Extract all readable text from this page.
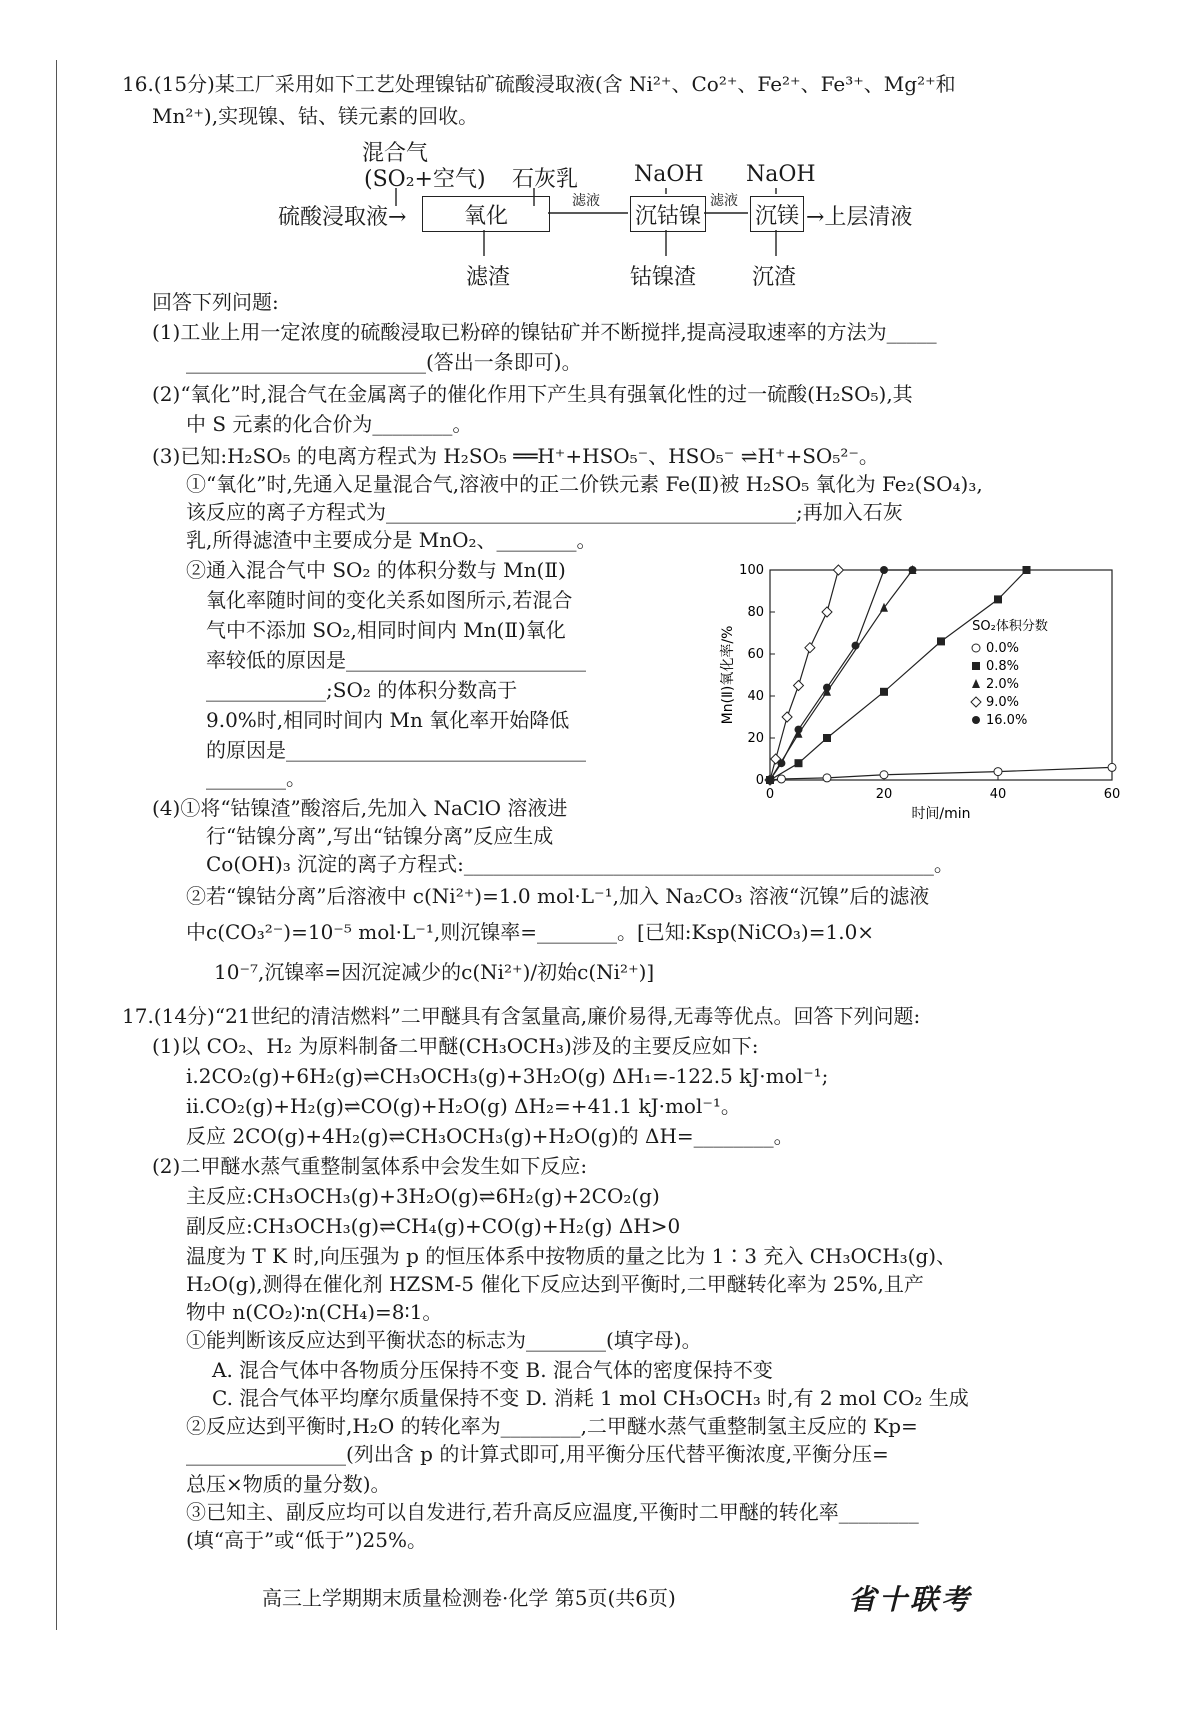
16.(15分)某工厂采用如下工艺处理镍钴矿硫酸浸取液(含 Ni²⁺、Co²⁺、Fe²⁺、Fe³⁺、Mg²⁺和
Mn²⁺),实现镍、钴、镁元素的回收。
回答下列问题:
(1)工业上用一定浓度的硫酸浸取已粉碎的镍钴矿并不断搅拌,提高浸取速率的方法为_____
________________________(答出一条即可)。
(2)“氧化”时,混合气在金属离子的催化作用下产生具有强氧化性的过一硫酸(H₂SO₅),其
中 S 元素的化合价为________。
(3)已知:H₂SO₅ 的电离方程式为 H₂SO₅ ══H⁺+HSO₅⁻、HSO₅⁻ ⇌H⁺+SO₅²⁻。
①“氧化”时,先通入足量混合气,溶液中的正二价铁元素 Fe(Ⅱ)被 H₂SO₅ 氧化为 Fe₂(SO₄)₃,
该反应的离子方程式为_________________________________________;再加入石灰
乳,所得滤渣中主要成分是 MnO₂、________。
②通入混合气中 SO₂ 的体积分数与 Mn(Ⅱ)
氧化率随时间的变化关系如图所示,若混合
气中不添加 SO₂,相同时间内 Mn(Ⅱ)氧化
率较低的原因是________________________
____________;SO₂ 的体积分数高于
9.0%时,相同时间内 Mn 氧化率开始降低
的原因是______________________________
________。
(4)①将“钴镍渣”酸溶后,先加入 NaClO 溶液进
行“钴镍分离”,写出“钴镍分离”反应生成
Co(OH)₃ 沉淀的离子方程式:_______________________________________________。
②若“镍钴分离”后溶液中 c(Ni²⁺)=1.0 mol·L⁻¹,加入 Na₂CO₃ 溶液“沉镍”后的滤液
中c(CO₃²⁻)=10⁻⁵ mol·L⁻¹,则沉镍率=________。[已知:Ksp(NiCO₃)=1.0×
10⁻⁷,沉镍率=因沉淀减少的c(Ni²⁺)/初始c(Ni²⁺)]
17.(14分)“21世纪的清洁燃料”二甲醚具有含氢量高,廉价易得,无毒等优点。回答下列问题:
(1)以 CO₂、H₂ 为原料制备二甲醚(CH₃OCH₃)涉及的主要反应如下:
ⅰ.2CO₂(g)+6H₂(g)⇌CH₃OCH₃(g)+3H₂O(g) ΔH₁=-122.5 kJ·mol⁻¹;
ⅱ.CO₂(g)+H₂(g)⇌CO(g)+H₂O(g) ΔH₂=+41.1 kJ·mol⁻¹。
反应 2CO(g)+4H₂(g)⇌CH₃OCH₃(g)+H₂O(g)的 ΔH=________。
(2)二甲醚水蒸气重整制氢体系中会发生如下反应:
主反应:CH₃OCH₃(g)+3H₂O(g)⇌6H₂(g)+2CO₂(g)
副反应:CH₃OCH₃(g)⇌CH₄(g)+CO(g)+H₂(g) ΔH>0
温度为 T K 时,向压强为 p 的恒压体系中按物质的量之比为 1∶3 充入 CH₃OCH₃(g)、
H₂O(g),测得在催化剂 HZSM-5 催化下反应达到平衡时,二甲醚转化率为 25%,且产
物中 n(CO₂)∶n(CH₄)=8∶1。
①能判断该反应达到平衡状态的标志为________(填字母)。
A. 混合气体中各物质分压保持不变 B. 混合气体的密度保持不变
C. 混合气体平均摩尔质量保持不变 D. 消耗 1 mol CH₃OCH₃ 时,有 2 mol CO₂ 生成
②反应达到平衡时,H₂O 的转化率为________,二甲醚水蒸气重整制氢主反应的 Kp=
________________(列出含 p 的计算式即可,用平衡分压代替平衡浓度,平衡分压=
总压×物质的量分数)。
③已知主、副反应均可以自发进行,若升高反应温度,平衡时二甲醚的转化率________
(填“高于”或“低于”)25%。
混合气
(SO₂+空气) 石灰乳	NaOH NaOH
硫酸浸取液→	氧化
滤液
沉钴镍
滤液
沉镁 →上层清液
滤渣	钴镍渣	沉渣
0	20	40	60
0
20
40
60
80
100
时间/min
Mn(Ⅱ)氧化率/%	SO₂体积分数
0.0%
0.8%
2.0%
9.0%
16.0%
高三上学期期末质量检测卷·化学 第5页(共6页)	省十联考
